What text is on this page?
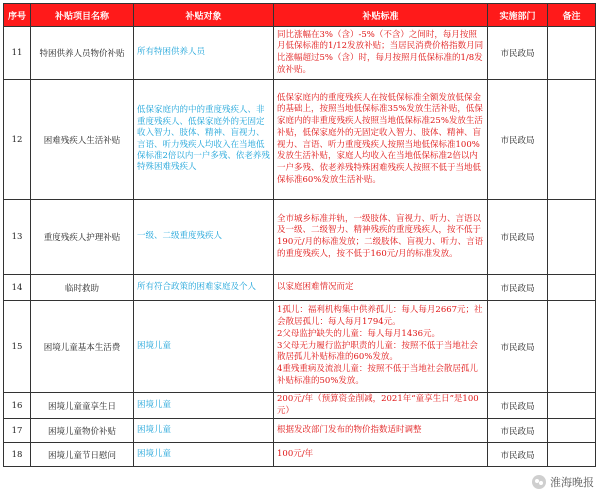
序号	补贴项目名称	补贴对象	补贴标准	实施部门	备注
11	特困供养人员物价补贴	所有特困供养人员	同比涨幅在3%（含）-5%（不含）之间时，每月按照月低保标准的1/12发放补贴；当居民消费价格指数月同比涨幅超过5%（含）时，每月按照月低保标准的1/8发放补贴。	市民政局	
12	困难残疾人生活补贴	低保家庭内的中的重度残疾人、非重度残疾人、低保家庭外的无固定收入智力、肢体、精神、盲视力、言语、听力残疾人均收入在当地低保标准2倍以内一户多残、依老养残特殊困难残疾人	低保家庭内的重度残疾人在按低保标准全额发放低保金的基础上，按照当地低保标准35%发放生活补贴，低保家庭内的非重度残疾人按照当地低保标准25%发放生活补贴，低保家庭外的无固定收入智力、肢体、精神、盲视力、言语、听力重度残疾人按照当地低保标准100%发放生活补贴，家庭人均收入在当地低保标准2倍以内一户多残、依老养残特殊困难残疾人按照不低于当地低保标准60%发放生活补贴。	市民政局	
13	重度残疾人护理补贴	一级、二级重度残疾人	全市城乡标准并轨，一级肢体、盲视力、听力、言语以及一级、二级智力、精神残疾的重度残疾人，按不低于190元/月的标准发放；二级肢体、盲视力、听力、言语的重度残疾人，按不低于160元/月的标准发放。	市民政局	
14	临时救助	所有符合政策的困难家庭及个人	以家庭困难情况而定	市民政局	
15	困境儿童基本生活费	困境儿童	1孤儿：福利机构集中供养孤儿：每人每月2667元；社会散居孤儿：每人每月1794元。
2父母监护缺失的儿童：每人每月1436元。
3父母无力履行监护职责的儿童：按照不低于当地社会散居孤儿补贴标准的60%发放。
4重残重病及流浪儿童：按照不低于当地社会散居孤儿补贴标准的50%发放。	市民政局	
16	困境儿童童享生日	困境儿童	200元/年（预算资金削减，2021年“童享生日”是100元）	市民政局	
17	困境儿童物价补贴	困境儿童	根据发改部门发布的物价指数适时调整	市民政局	
18	困境儿童节日慰问	困境儿童	100元/年	市民政局	
淮海晚报
